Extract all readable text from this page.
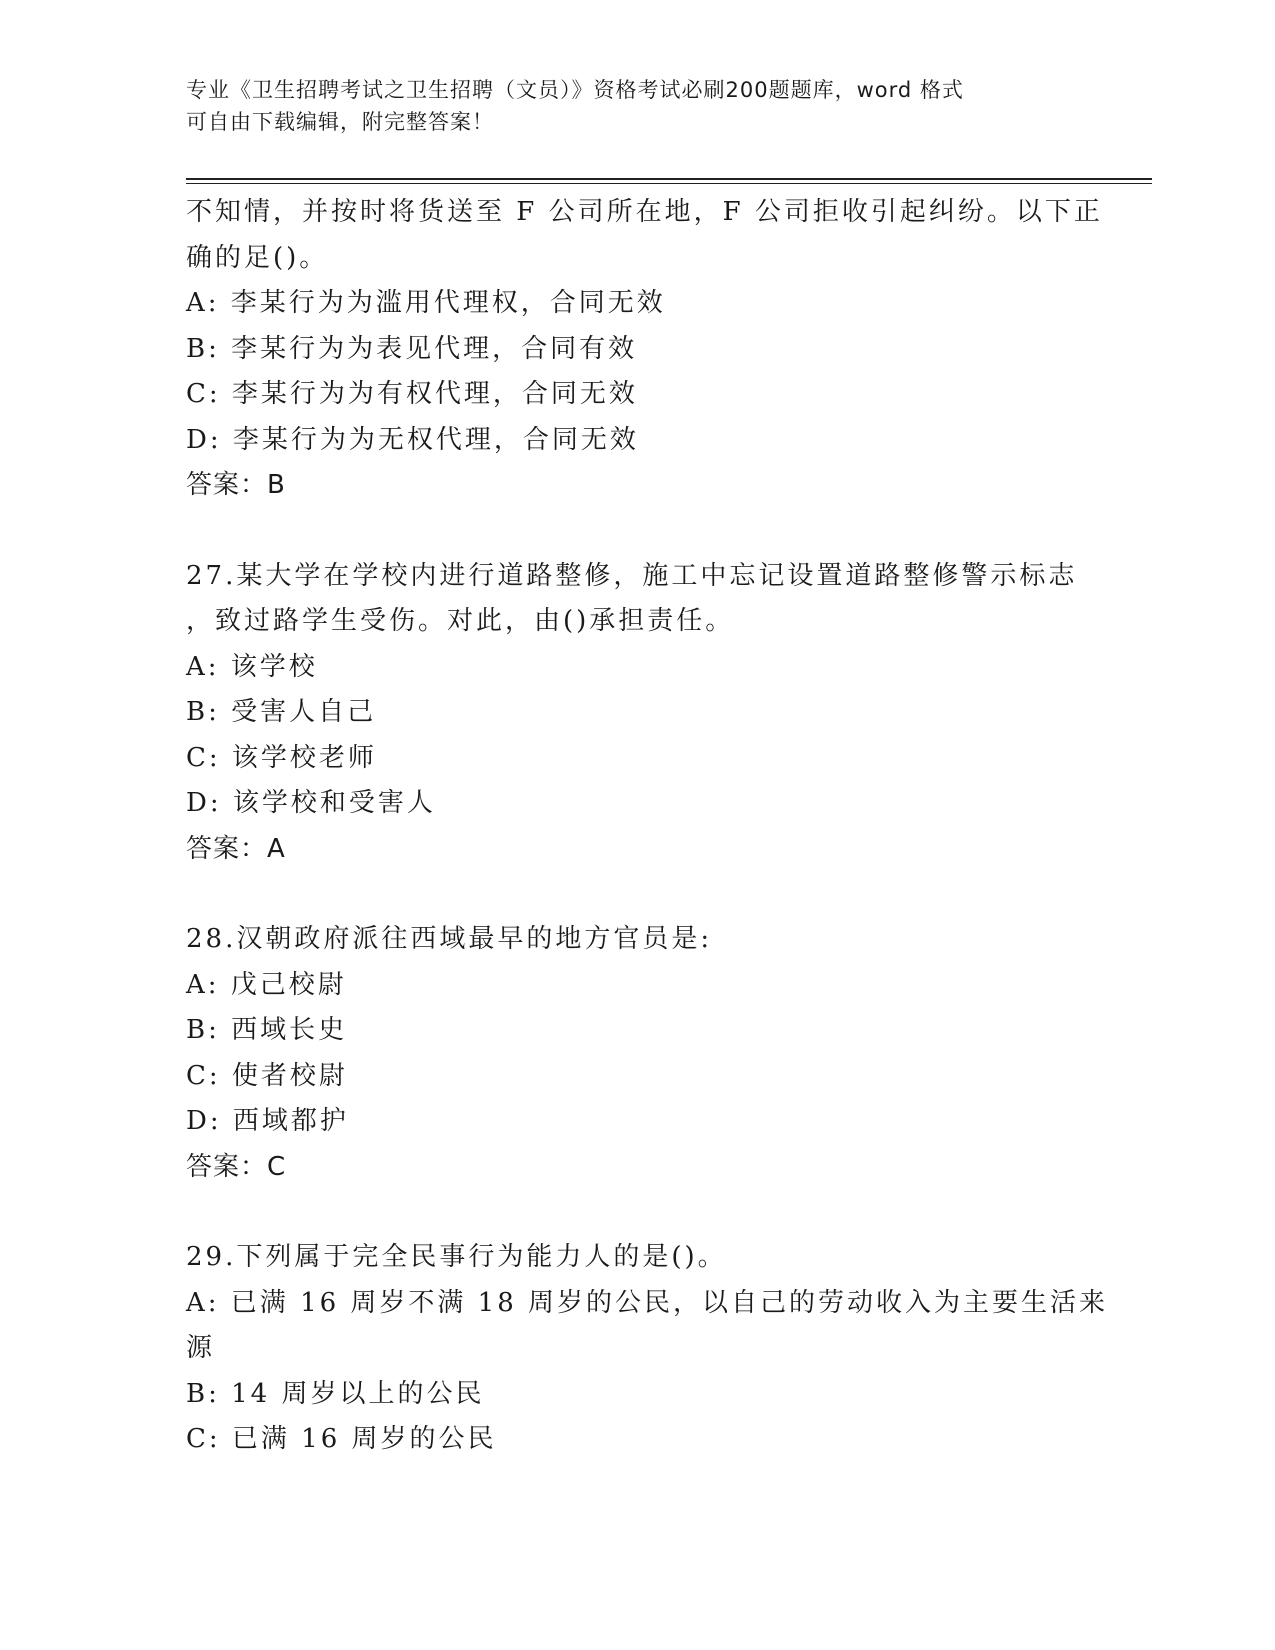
专业《卫生招聘考试之卫生招聘（文员）》资格考试必刷200题题库，word 格式
可自由下载编辑，附完整答案！
不知情，并按时将货送至 F 公司所在地，F 公司拒收引起纠纷。以下正
确的足()。
A: 李某行为为滥用代理权，合同无效
B: 李某行为为表见代理，合同有效
C: 李某行为为有权代理，合同无效
D: 李某行为为无权代理，合同无效
答案：B
27.某大学在学校内进行道路整修，施工中忘记设置道路整修警示标志
，致过路学生受伤。对此，由()承担责任。
A: 该学校
B: 受害人自己
C: 该学校老师
D: 该学校和受害人
答案：A
28.汉朝政府派往西域最早的地方官员是:
A: 戊己校尉
B: 西域长史
C: 使者校尉
D: 西域都护
答案：C
29.下列属于完全民事行为能力人的是()。
A: 已满 16 周岁不满 18 周岁的公民，以自己的劳动收入为主要生活来
源
B: 14 周岁以上的公民
C: 已满 16 周岁的公民
